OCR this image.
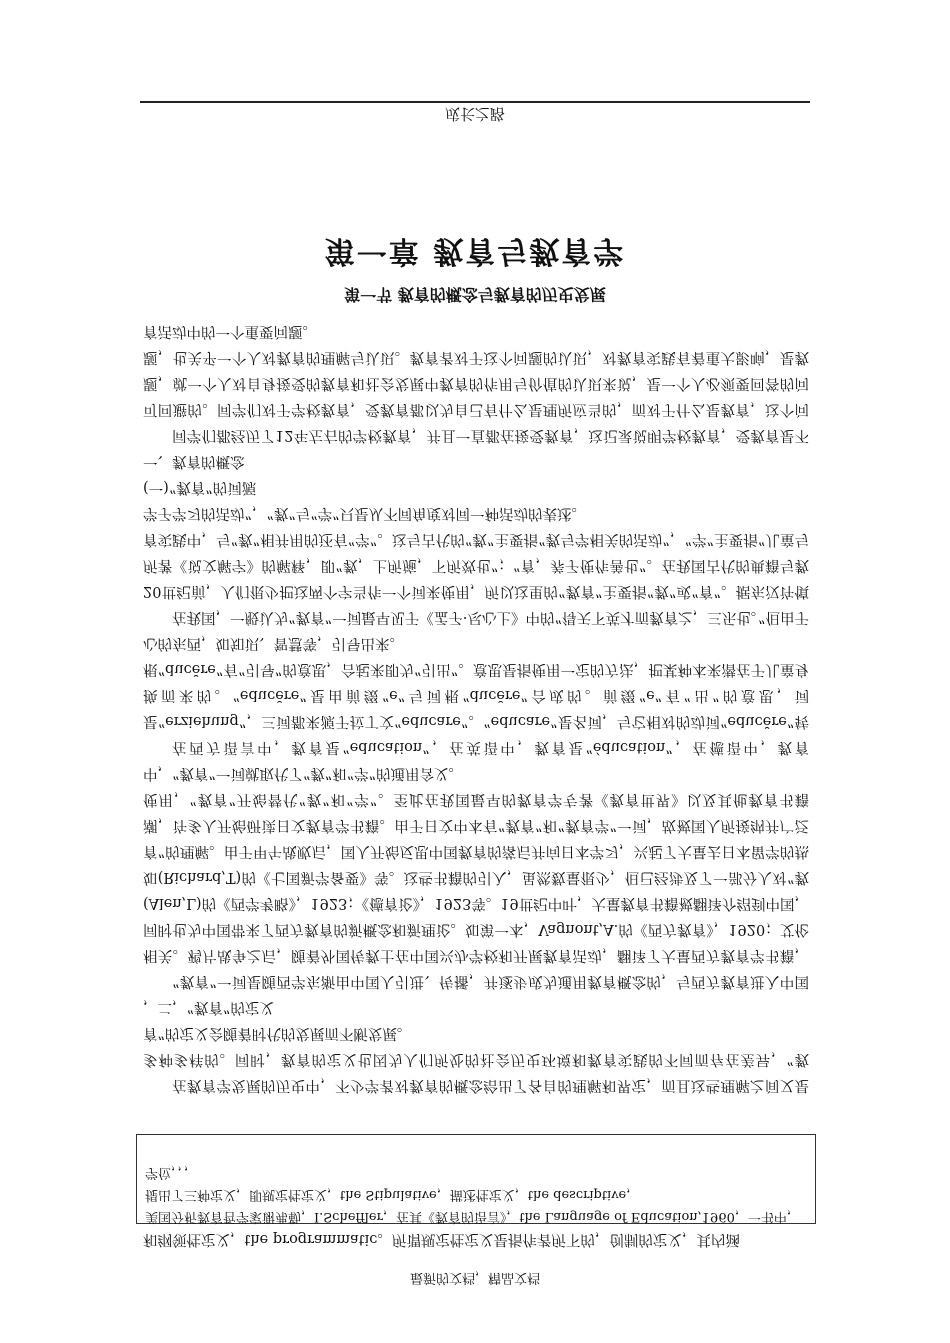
成长之路
第一章 教育与教育学
第一节 教育的概念与教育的历史发展

同学们都经历了12年左右的学校教育，并且一直都在接受教育，这记录说明学校教育，受教育是不可回避的。同学们对于学校教育，受教育都以为自己有什么是理所应当的，而对于什么是教育，这个问题，就一个人对自身接受的教育和社会发展中教育的作用与价值的认识来说，是一个人必须要回答的问题，也关乎一个人对教育的理解与认识。教育者对于这个问题的认识，对教育实践有着重大影响，是教育活动中的一个重要问题。

一、教育的概念

(一)“教育”的词源

在我国，一般认为“教育”一词最早见于《孟子·尽心上》中的“得天下英才而教育之，三乐也。”但由于20世纪前，人们很少把这两个字当作一个词来使用，所以这里的“教育”主要指“教”或“育”。据东汉许慎所著《说文解字》的解释，即“教，上所施，下所效也”；“育，养子使作善也”。在我国古代的典籍与教育实践中，与“教”相并用的还有“学”。这与古代的“教”主要指“教与学相关的活动”，“学”主要指“儿童与学子学习的活动”，“教”与“学”只是从不同角度对同一种活动的表述。

在西方语言中，教育是“education”，在英语中，教育是“éducation”，在德语中，教育是“erziehung”，三词都来源于拉丁文“educare”。“educare”是名词，与它相对的动词“educĕre”转换而来的。“educĕre”是由前缀“e”与词根“ducĕre”合成的。前缀“e”有“出”的意思，词根“ducĕre”有“引导”的意思，合起来即为“引出”。意思是指使用一定的方法，把某种本来潜在于儿童身心的东西，如知识、智慧等，引导出来。

“教育”一词是随西学东渐由中国人引进、传播，并逐步成为通用教育概念的，与西方教育进入中国相关。鸦片战争之后，随着外国传教士在中国兴办学校和开展教育活动，翻译了大量西方教育学书籍，同时也为中国带来了西方教育的新概念和新理论。如第一本，Vagnont,A.的《西方教育》，1920；艾伦(Alen,L)的《西学考略》，1923；《德育论》，1923等。19世纪中叶，大量教育书籍被翻译介绍到中国，如(Richard,T)的《七国新学备要》等。这些书籍的引入，虽然数量很少，但已经涉及了一部分人对“教育”的理解。由于甲午战败后，国人开始反思中国教育的落后并向日本学习，兴起了大量去日本留学的热潮，许多人开始研读日文教育学书籍。由于日文中本有“教育”和“教育学”一词，故被国人所接纳并广泛使用，“教育”开始替代“教”和“学”。至此在我国最早的教育学专著《教育世界》以及其他教育书籍中，“教育”一词就取代了“教”和“学”的通用含义。

，二，“教育”的定义

在教育学发展的历史中，不少学者对教育的概念给出了各自的理解和界定，而且这些理解之间又是多种多样的。同时，教育的定义也因为人们所处的社会历史环境和教育实践的不同而存在差异，“教育”的定义会随着时代的发展而不断发展。

学位，，，
美国分析教育哲学家谢弗勒，I.Scheffler，在其《教育的语言》，the Language of Education,1960，一书中，提出了三种定义，即规定性定义，the Stipulative，描述性定义，the descriptive，
和纲领性定义，the programmatic。所谓规定性定义是指作者所下的，创制的定义，其内涵
最新的文档，精品文档
